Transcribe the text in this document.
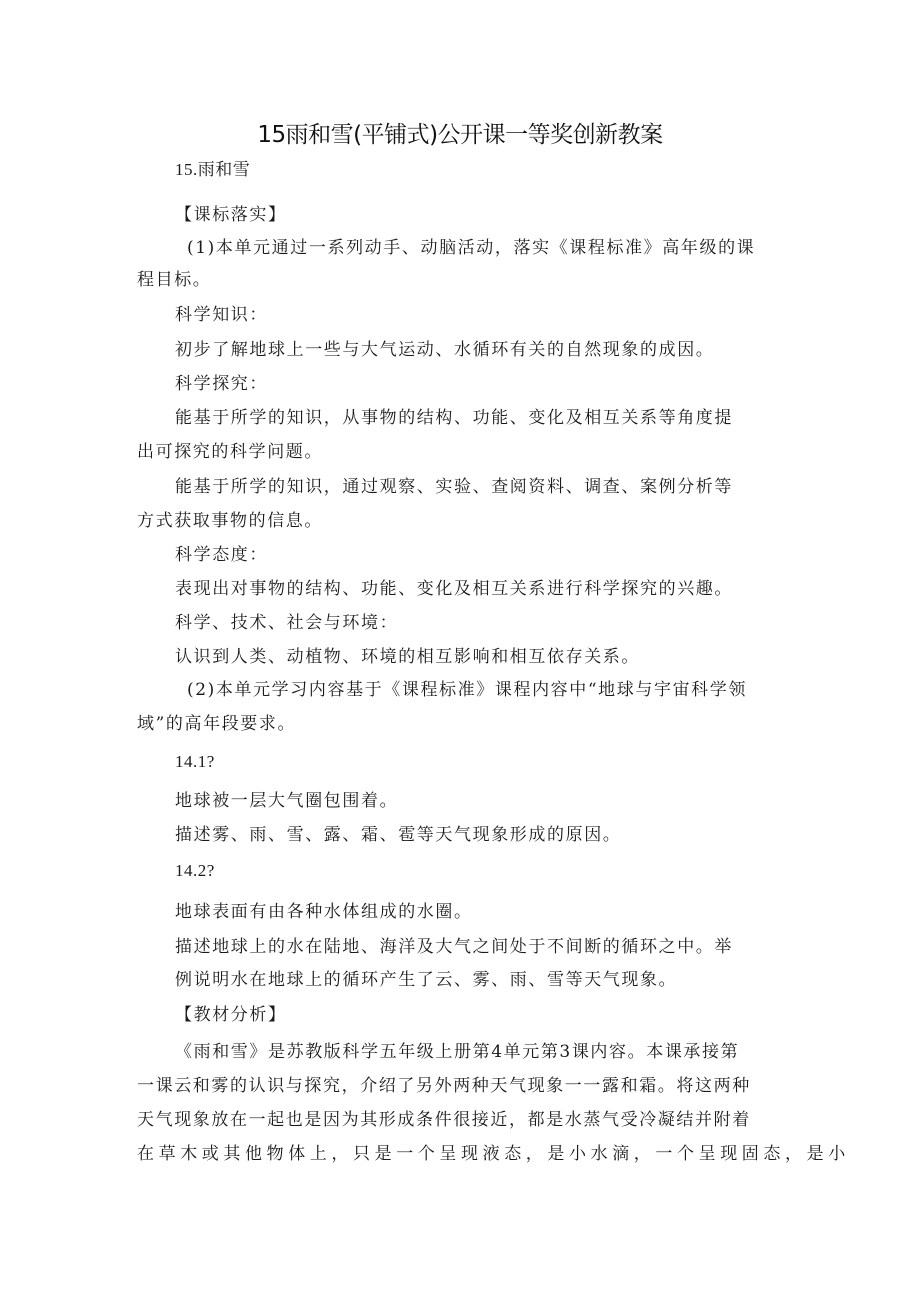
15雨和雪(平铺式)公开课一等奖创新教案
15.雨和雪
【课标落实】
(1)本单元通过一系列动手、动脑活动，落实《课程标准》高年级的课
程目标。
科学知识：
初步了解地球上一些与大气运动、水循环有关的自然现象的成因。
科学探究：
能基于所学的知识，从事物的结构、功能、变化及相互关系等角度提
出可探究的科学问题。
能基于所学的知识，通过观察、实验、查阅资料、调查、案例分析等
方式获取事物的信息。
科学态度：
表现出对事物的结构、功能、变化及相互关系进行科学探究的兴趣。
科学、技术、社会与环境：
认识到人类、动植物、环境的相互影响和相互依存关系。
(2)本单元学习内容基于《课程标准》课程内容中“地球与宇宙科学领
域”的高年段要求。
14.1?
地球被一层大气圈包围着。
描述雾、雨、雪、露、霜、雹等天气现象形成的原因。
14.2?
地球表面有由各种水体组成的水圈。
描述地球上的水在陆地、海洋及大气之间处于不间断的循环之中。举
例说明水在地球上的循环产生了云、雾、雨、雪等天气现象。
【教材分析】
《雨和雪》是苏教版科学五年级上册第4单元第3课内容。本课承接第
一课云和雾的认识与探究，介绍了另外两种天气现象一一露和霜。将这两种
天气现象放在一起也是因为其形成条件很接近，都是水蒸气受冷凝结并附着
在草木或其他物体上，只是一个呈现液态，是小水滴，一个呈现固态，是小
